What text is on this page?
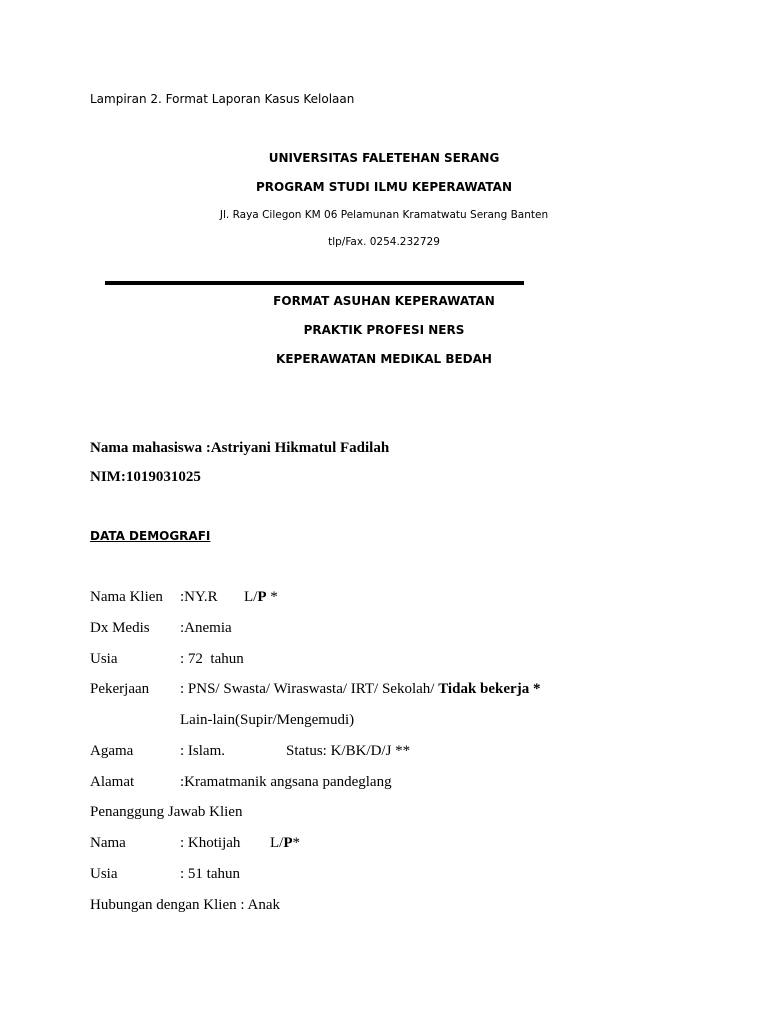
Lampiran 2. Format Laporan Kasus Kelolaan
UNIVERSITAS FALETEHAN SERANG
PROGRAM STUDI ILMU KEPERAWATAN
Jl. Raya Cilegon KM 06 Pelamunan Kramatwatu Serang Banten
tlp/Fax. 0254.232729
FORMAT ASUHAN KEPERAWATAN
PRAKTIK PROFESI NERS
KEPERAWATAN MEDIKAL BEDAH
Nama mahasiswa :Astriyani Hikmatul Fadilah
NIM:1019031025
DATA DEMOGRAFI
Nama Klien :NY.R L/P *
Dx Medis :Anemia
Usia	: 72  tahun
Pekerjaan : PNS/ Swasta/ Wiraswasta/ IRT/ Sekolah/ Tidak bekerja *
Lain-lain(Supir/Mengemudi)
Agama	: Islam.	Status: K/BK/D/J **
Alamat	:Kramatmanik angsana pandeglang
Penanggung Jawab Klien
Nama	: Khotijah L/P*
Usia	: 51 tahun
Hubungan dengan Klien : Anak
